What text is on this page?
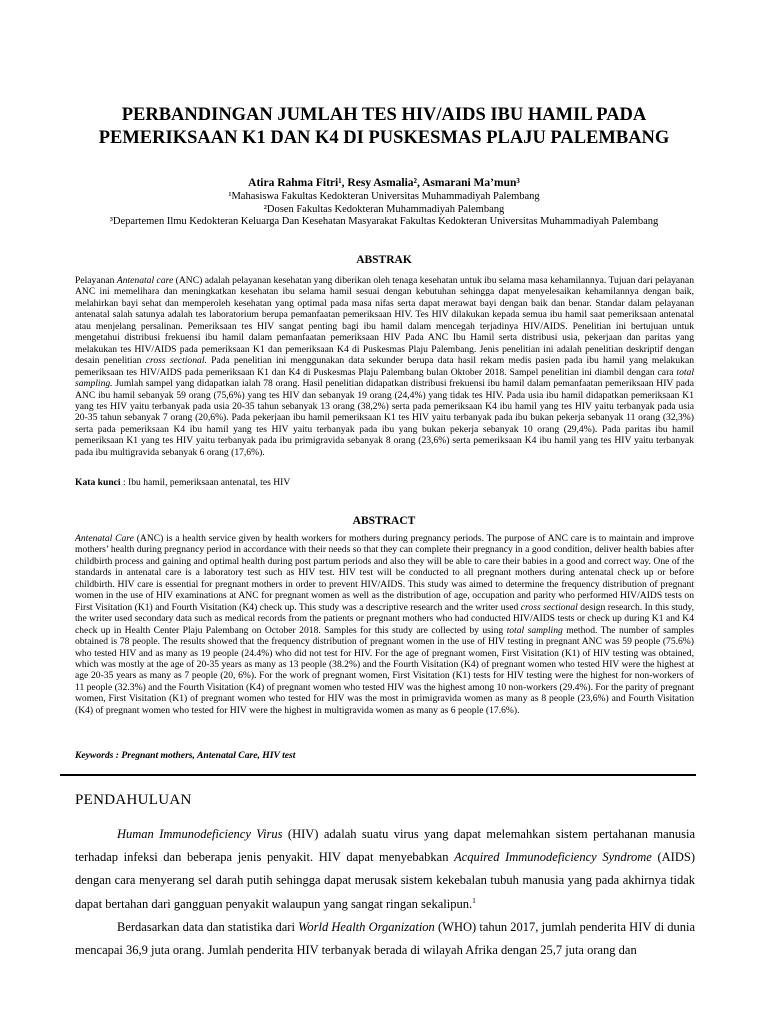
PERBANDINGAN JUMLAH TES HIV/AIDS IBU HAMIL PADA
PEMERIKSAAN K1 DAN K4 DI PUSKESMAS PLAJU PALEMBANG
Atira Rahma Fitri¹, Resy Asmalia², Asmarani Ma’mun³
¹Mahasiswa Fakultas Kedokteran Universitas Muhammadiyah Palembang
²Dosen Fakultas Kedokteran Muhammadiyah Palembang
³Departemen Ilmu Kedokteran Keluarga Dan Kesehatan Masyarakat Fakultas Kedokteran Universitas Muhammadiyah Palembang
ABSTRAK

Pelayanan Antenatal care (ANC) adalah pelayanan kesehatan yang diberikan oleh tenaga kesehatan untuk ibu selama masa kehamilannya. Tujuan dari pelayanan ANC ini memelihara dan meningkatkan kesehatan ibu selama hamil sesuai dengan kebutuhan sehingga dapat menyelesaikan kehamilannya dengan baik, melahirkan bayi sehat dan memperoleh kesehatan yang optimal pada masa nifas serta dapat merawat bayi dengan baik dan benar. Standar dalam pelayanan antenatal salah satunya adalah tes laboratorium berupa pemanfaatan pemeriksaan HIV. Tes HIV dilakukan kepada semua ibu hamil saat pemeriksaan antenatal atau menjelang persalinan. Pemeriksaan tes HIV sangat penting bagi ibu hamil dalam mencegah terjadinya HIV/AIDS. Penelitian ini bertujuan untuk mengetahui distribusi frekuensi ibu hamil dalam pemanfaatan pemeriksaan HIV Pada ANC Ibu Hamil serta distribusi usia, pekerjaan dan paritas yang melakukan tes HIV/AIDS pada pemeriksaan K1 dan pemeriksaan K4 di Puskesmas Plaju Palembang. Jenis penelitian ini adalah penelitian deskriptif dengan desain penelitian cross sectional. Pada penelitian ini menggunakan data sekunder berupa data hasil rekam medis pasien pada ibu hamil yang melakukan pemeriksaan tes HIV/AIDS pada pemeriksaan K1 dan K4 di Puskesmas Plaju Palembang bulan Oktober 2018. Sampel penelitian ini diambil dengan cara total sampling. Jumlah sampel yang didapatkan ialah 78 orang. Hasil penelitian didapatkan distribusi frekuensi ibu hamil dalam pemanfaatan pemeriksaan HIV pada ANC ibu hamil sebanyak 59 orang (75,6%) yang tes HIV dan sebanyak 19 orang (24,4%) yang tidak tes HIV. Pada usia ibu hamil didapatkan pemeriksaan K1 yang tes HIV yaitu terbanyak pada usia 20-35 tahun sebanyak 13 orang (38,2%) serta pada pemeriksaan K4 ibu hamil yang tes HIV yaitu terbanyak pada usia 20-35 tahun sebanyak 7 orang (20,6%). Pada pekerjaan ibu hamil pemeriksaan K1 tes HIV yaitu terbanyak pada ibu bukan pekerja sebanyak 11 orang (32,3%) serta pada pemeriksaan K4 ibu hamil yang tes HIV yaitu terbanyak pada ibu yang bukan pekerja sebanyak 10 orang (29,4%). Pada paritas ibu hamil pemeriksaan K1 yang tes HIV yaitu terbanyak pada ibu primigravida sebanyak 8 orang (23,6%) serta pemeriksaan K4 ibu hamil yang tes HIV yaitu terbanyak pada ibu multigravida sebanyak 6 orang (17,6%).

Kata kunci : Ibu hamil, pemeriksaan antenatal, tes HIV
ABSTRACT

Antenatal Care (ANC) is a health service given by health workers for mothers during pregnancy periods. The purpose of ANC care is to maintain and improve mothers’ health during pregnancy period in accordance with their needs so that they can complete their pregnancy in a good condition, deliver health babies after childbirth process and gaining and optimal health during post partum periods and also they will be able to care their babies in a good and correct way. One of the standards in antenatal care is a laboratory test such as HIV test. HIV test will be conducted to all pregnant mothers during antenatal check up or before childbirth. HIV care is essential for pregnant mothers in order to prevent HIV/AIDS. This study was aimed to determine the frequency distribution of pregnant women in the use of HIV examinations at ANC for pregnant women as well as the distribution of age, occupation and parity who performed HIV/AIDS tests on First Visitation (K1) and Fourth Visitation (K4) check up. This study was a descriptive research and the writer used cross sectional design research. In this study, the writer used secondary data such as medical records from the patients or pregnant mothers who had conducted HIV/AIDS tests or check up during K1 and K4 check up in Health Center Plaju Palembang on October 2018. Samples for this study are collected by using total sampling method. The number of samples obtained is 78 people. The results showed that the frequency distribution of pregnant women in the use of HIV testing in pregnant ANC was 59 people (75.6%) who tested HIV and as many as 19 people (24.4%) who did not test for HIV. For the age of pregnant women, First Visitation (K1) of HIV testing was obtained, which was mostly at the age of 20-35 years as many as 13 people (38.2%) and the Fourth Visitation (K4) of pregnant women who tested HIV were the highest at age 20-35 years as many as 7 people (20, 6%). For the work of pregnant women, First Visitation (K1) tests for HIV testing were the highest for non-workers of 11 people (32.3%) and the Fourth Visitation (K4) of pregnant women who tested HIV was the highest among 10 non-workers (29.4%). For the parity of pregnant women, First Visitation (K1) of pregnant women who tested for HIV was the most in primigravida women as many as 8 people (23,6%) and Fourth Visitation (K4) of pregnant women who tested for HIV were the highest in multigravida women as many as 6 people (17.6%).

Keywords : Pregnant mothers, Antenatal Care, HIV test
PENDAHULUAN

Human Immunodeficiency Virus (HIV) adalah suatu virus yang dapat melemahkan sistem pertahanan manusia terhadap infeksi dan beberapa jenis penyakit. HIV dapat menyebabkan Acquired Immunodeficiency Syndrome (AIDS) dengan cara menyerang sel darah putih sehingga dapat merusak sistem kekebalan tubuh manusia yang pada akhirnya tidak dapat bertahan dari gangguan penyakit walaupun yang sangat ringan sekalipun.$^1$

Berdasarkan data dan statistika dari World Health Organization (WHO) tahun 2017, jumlah penderita HIV di dunia mencapai 36,9 juta orang. Jumlah penderita HIV terbanyak berada di wilayah Afrika dengan 25,7 juta orang dan
